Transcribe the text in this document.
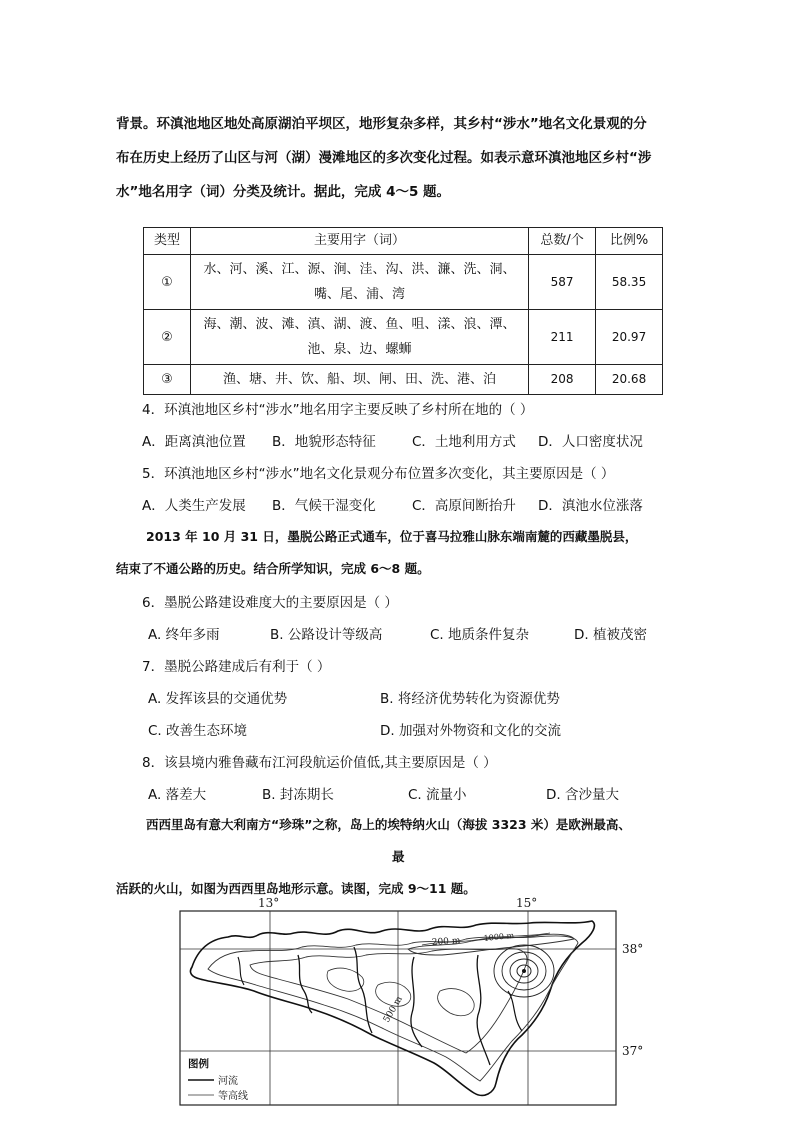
背景。环滇池地区地处高原湖泊平坝区，地形复杂多样，其乡村“涉水”地名文化景观的分
布在历史上经历了山区与河（湖）漫滩地区的多次变化过程。如表示意环滇池地区乡村“涉
水”地名用字（词）分类及统计。据此，完成 4～5 题。
类型	主要用字（词）	总数/个	比例%
①	水、河、溪、江、源、涧、洼、沟、洪、濂、洗、洞、
嘴、尾、浦、湾	587	58.35
②	海、潮、波、滩、滇、湖、渡、鱼、咀、漾、浪、潭、
池、泉、边、螺蛳	211	20.97
③	渔、塘、井、饮、船、坝、闸、田、洗、港、泊	208	20.68
4．环滇池地区乡村“涉水”地名用字主要反映了乡村所在地的（ ）
A．距离滇池位置 B．地貌形态特征	C．土地利用方式 D．人口密度状况
5．环滇池地区乡村“涉水”地名文化景观分布位置多次变化，其主要原因是（ ）
A．人类生产发展 B．气候干湿变化	C．高原间断抬升 D．滇池水位涨落
2013 年 10 月 31 日，墨脱公路正式通车，位于喜马拉雅山脉东端南麓的西藏墨脱县，
结束了不通公路的历史。结合所学知识，完成 6～8 题。
6．墨脱公路建设难度大的主要原因是（ ）
A. 终年多雨	B. 公路设计等级高	C. 地质条件复杂	D. 植被茂密
7．墨脱公路建成后有利于（ ）
A. 发挥该县的交通优势	B. 将经济优势转化为资源优势
C. 改善生态环境	D. 加强对外物资和文化的交流
8．该县境内雅鲁藏布江河段航运价值低,其主要原因是（ ）
A. 落差大	B. 封冻期长	C. 流量小	D. 含沙量大
西西里岛有意大利南方“珍珠”之称，岛上的埃特纳火山（海拔 3323 米）是欧洲最高、
最
活跃的火山，如图为西西里岛地形示意。读图，完成 9～11 题。
13°	15°
200 m
500 m
1000 m
图例
河流
等高线
38°
37°
